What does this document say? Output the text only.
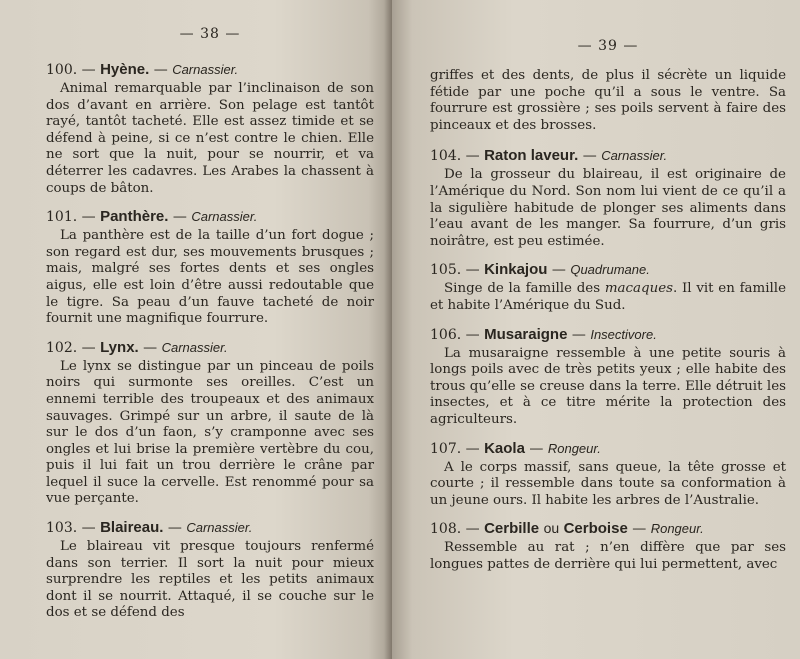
— 38 —
100. — Hyène. — Carnassier.

Animal remarquable par l’inclinaison de son dos d’avant en arrière. Son pelage est tantôt rayé, tantôt tacheté. Elle est assez timide et se défend à peine, si ce n’est contre le chien. Elle ne sort que la nuit, pour se nourrir, et va déterrer les cadavres. Les Arabes la chassent à coups de bâton.

101. — Panthère. — Carnassier.

La panthère est de la taille d’un fort dogue ; son regard est dur, ses mouvements brusques ; mais, malgré ses fortes dents et ses ongles aigus, elle est loin d’être aussi redoutable que le tigre. Sa peau d’un fauve tacheté de noir fournit une magnifique fourrure.

102. — Lynx. — Carnassier.

Le lynx se distingue par un pinceau de poils noirs qui surmonte ses oreilles. C’est un ennemi terrible des troupeaux et des animaux sauvages. Grimpé sur un arbre, il saute de là sur le dos d’un faon, s’y cramponne avec ses ongles et lui brise la première vertèbre du cou, puis il lui fait un trou derrière le crâne par lequel il suce la cervelle. Est renommé pour sa vue perçante.

103. — Blaireau. — Carnassier.

Le blaireau vit presque toujours renfermé dans son terrier. Il sort la nuit pour mieux surprendre les reptiles et les petits animaux dont il se nourrit. Attaqué, il se couche sur le dos et se défend des

— 39 —

griffes et des dents, de plus il sécrète un liquide fétide par une poche qu’il a sous le ventre. Sa fourrure est grossière ; ses poils servent à faire des pinceaux et des brosses.

104. — Raton laveur. — Carnassier.

De la grosseur du blaireau, il est originaire de l’Amérique du Nord. Son nom lui vient de ce qu’il a la sigulière habitude de plonger ses aliments dans l’eau avant de les manger. Sa fourrure, d’un gris noirâtre, est peu estimée.

105. — Kinkajou — Quadrumane.

Singe de la famille des macaques. Il vit en famille et habite l’Amérique du Sud.

106. — Musaraigne — Insectivore.

La musaraigne ressemble à une petite souris à longs poils avec de très petits yeux ; elle habite des trous qu’elle se creuse dans la terre. Elle détruit les insectes, et à ce titre mérite la protection des agriculteurs.

107. — Kaola — Rongeur.

A le corps massif, sans queue, la tête grosse et courte ; il ressemble dans toute sa conformation à un jeune ours. Il habite les arbres de l’Australie.

108. — Cerbille ou Cerboise — Rongeur.

Ressemble au rat ; n’en diffère que par ses longues pattes de derrière qui lui permettent, avec
